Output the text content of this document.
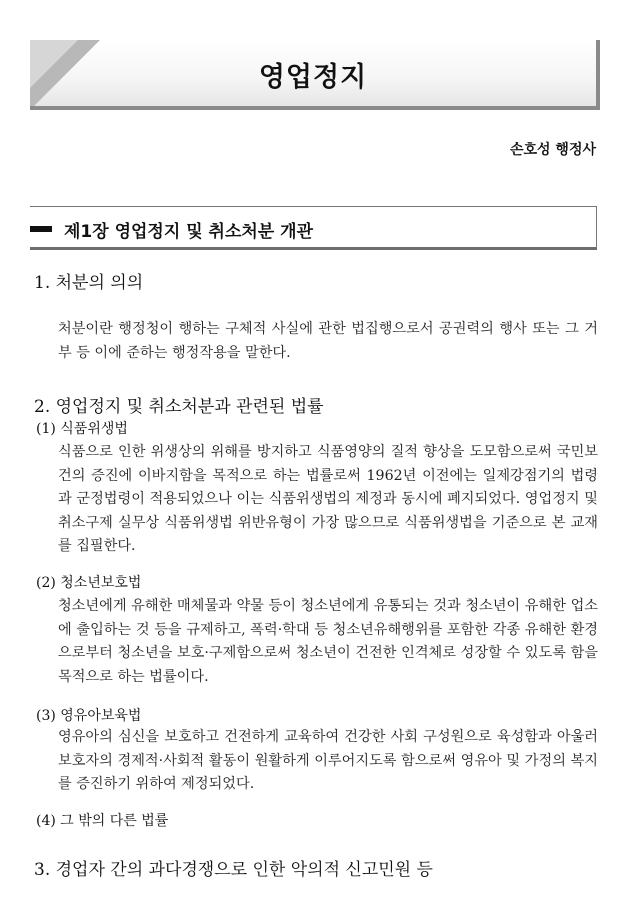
영업정지
손호성 행정사
제1장 영업정지 및 취소처분 개관
1. 처분의 의의

처분이란 행정청이 행하는 구체적 사실에 관한 법집행으로서 공권력의 행사 또는 그 거부 등 이에 준하는 행정작용을 말한다.

2. 영업정지 및 취소처분과 관련된 법률
(1) 식품위생법

식품으로 인한 위생상의 위해를 방지하고 식품영양의 질적 향상을 도모함으로써 국민보건의 증진에 이바지함을 목적으로 하는 법률로써 1962년 이전에는 일제강점기의 법령과 군정법령이 적용되었으나 이는 식품위생법의 제정과 동시에 폐지되었다. 영업정지 및 취소구제 실무상 식품위생법 위반유형이 가장 많으므로 식품위생법을 기준으로 본 교재를 집필한다.

(2) 청소년보호법

청소년에게 유해한 매체물과 약물 등이 청소년에게 유통되는 것과 청소년이 유해한 업소에 출입하는 것 등을 규제하고, 폭력·학대 등 청소년유해행위를 포함한 각종 유해한 환경으로부터 청소년을 보호·구제함으로써 청소년이 건전한 인격체로 성장할 수 있도록 함을 목적으로 하는 법률이다.

(3) 영유아보육법

영유아의 심신을 보호하고 건전하게 교육하여 건강한 사회 구성원으로 육성함과 아울러 보호자의 경제적·사회적 활동이 원활하게 이루어지도록 함으로써 영유아 및 가정의 복지를 증진하기 위하여 제정되었다.

(4) 그 밖의 다른 법률
3. 경업자 간의 과다경쟁으로 인한 악의적 신고민원 등
